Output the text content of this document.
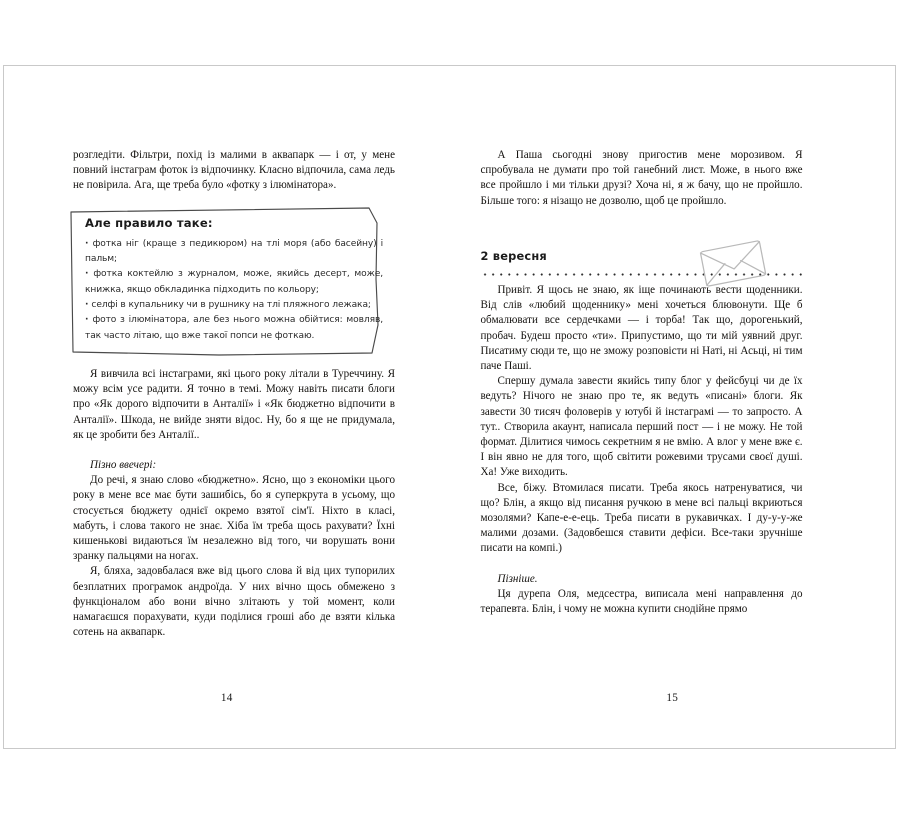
розгледіти. Фільтри, похід із малими в аквапарк — і от, у мене повний інстаграм фоток із відпочинку. Класно відпочила, сама ледь не повірила. Ага, ще треба було «фотку з ілюмінатора».

Але правило таке:

· фотка ніг (краще з педикюром) на тлі моря (або басейну) і пальм;
· фотка коктейлю з журналом, може, якийсь десерт, може, книжка, якщо обкладинка підходить по кольору;
· селфі в купальнику чи в рушнику на тлі пляжного лежака;
· фото з ілюмінатора, але без нього можна обійтися: мовляв, так часто літаю, що вже такої попси не фоткаю.

Я вивчила всі інстаграми, які цього року літали в Туреччину. Я можу всім усе радити. Я точно в темі. Можу навіть писати блоги про «Як дорого відпочити в Анталії» і «Як бюджетно відпочити в Анталії». Шкода, не вийде зняти відос. Ну, бо я ще не придумала, як це зробити без Анталії..

Пізно ввечері:

До речі, я знаю слово «бюджетно». Ясно, що з економіки цього року в мене все має бути зашибісь, бо я суперкрута в усьому, що стосується бюджету однієї окремо взятої сім'ї. Ніхто в класі, мабуть, і слова такого не знає. Хіба їм треба щось рахувати? Їхні кишенькові видаються їм незалежно від того, чи ворушать вони зранку пальцями на ногах.

Я, бляха, задовбалася вже від цього слова й від цих тупорилих безплатних програмок андроїда. У них вічно щось обмежено з функціоналом або вони вічно злітають у той момент, коли намагаєшся порахувати, куди поділися гроші або де взяти кілька сотень на аквапарк.

14

А Паша сьогодні знову пригостив мене морозивом. Я спробувала не думати про той ганебний лист. Може, в нього вже все пройшло і ми тільки друзі? Хоча ні, я ж бачу, що не пройшло. Більше того: я нізащо не дозволю, щоб це пройшло.

2 вересня

Привіт. Я щось не знаю, як іще починають вести щоденники. Від слів «любий щоденнику» мені хочеться блювонути. Ще б обмалювати все сердечками — і торба! Так що, дорогенький, пробач. Будеш просто «ти». Припустимо, що ти мій уявний друг. Писатиму сюди те, що не зможу розповісти ні Наті, ні Асьці, ні тим паче Паші.

Спершу думала завести якийсь типу блог у фейсбуці чи де їх ведуть? Нічого не знаю про те, як ведуть «писані» блоги. Як завести 30 тисяч фоловерів у ютубі й інстаграмі — то запросто. А тут.. Створила акаунт, написала перший пост — і не можу. Не той формат. Ділитися чимось секретним я не вмію. А влог у мене вже є. І він явно не для того, щоб світити рожевими трусами своєї душі. Ха! Уже виходить.

Все, біжу. Втомилася писати. Треба якось натренуватися, чи що? Блін, а якщо від писання ручкою в мене всі пальці вкриються мозолями? Капе-е-е-ець. Треба писати в рукавичках. І ду-у-у-же малими дозами. (Задовбешся ставити дефіси. Все-таки зручніше писати на компі.)

Пізніше.

Ця дурепа Оля, медсестра, виписала мені направлення до терапевта. Блін, і чому не можна купити снодійне прямо

15
